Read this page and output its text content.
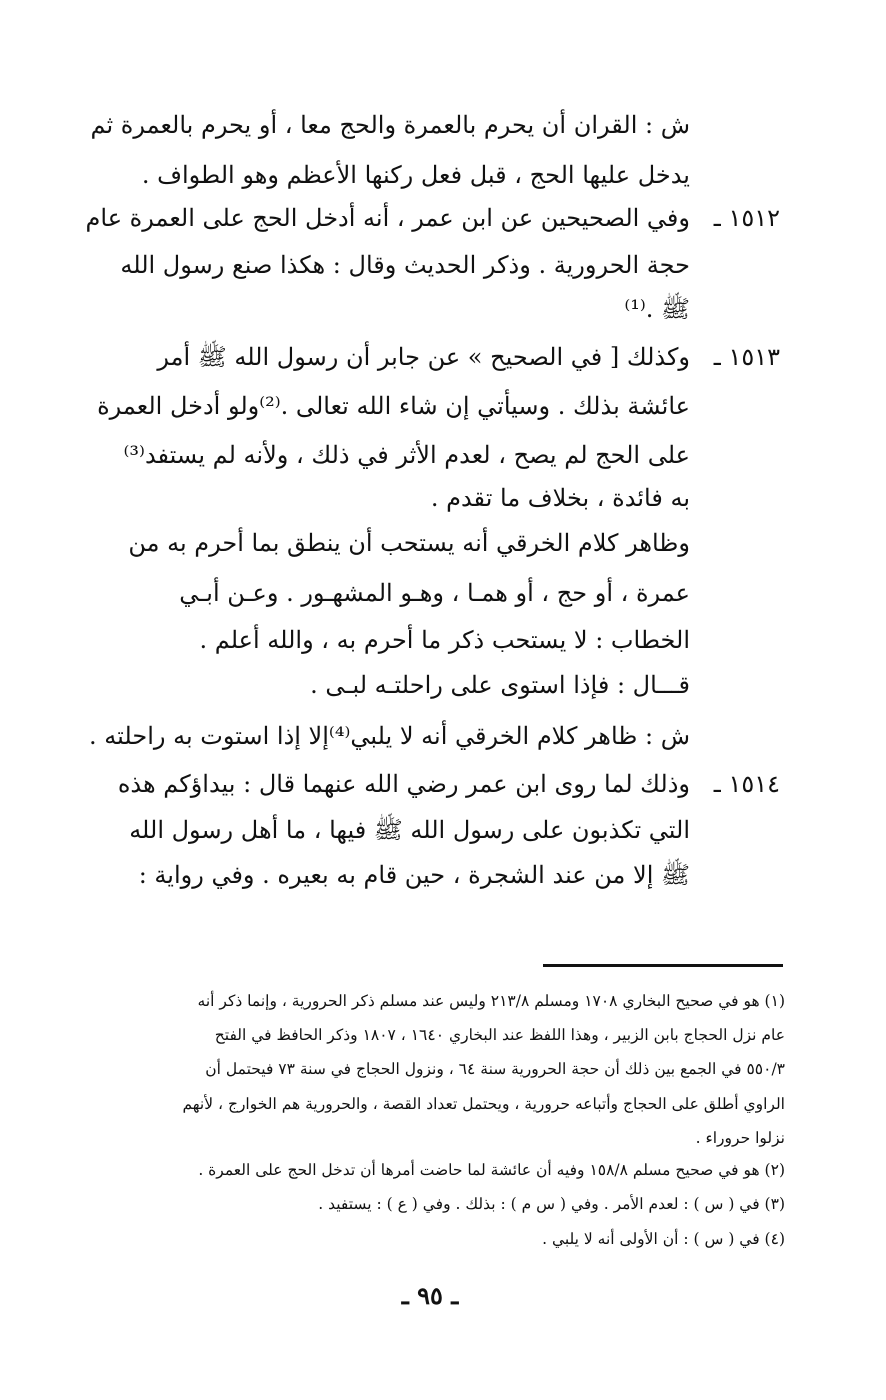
ش : القران أن يحرم بالعمرة والحج معا ، أو يحرم بالعمرة ثم
يدخل عليها الحج ، قبل فعل ركنها الأعظم وهو الطواف .
١٥١٢ ـ
وفي الصحيحين عن ابن عمر ، أنه أدخل الحج على العمرة عام
حجة الحرورية . وذكر الحديث وقال : هكذا صنع رسول الله
ﷺ .⁽¹⁾
١٥١٣ ـ
وكذلك [ في الصحيح » عن جابر أن رسول الله ﷺ أمر
عائشة بذلك . وسيأتي إن شاء الله تعالى .⁽²⁾ولو أدخل العمرة
على الحج لم يصح ، لعدم الأثر في ذلك ، ولأنه لم يستفد⁽³⁾
به فائدة ، بخلاف ما تقدم .
وظاهر كلام الخرقي أنه يستحب أن ينطق بما أحرم به من
عمرة ، أو حج ، أو همـا ، وهـو المشهـور . وعـن أبـي
الخطاب : لا يستحب ذكر ما أحرم به ، والله أعلم .
قـــال : فإذا استوى على راحلتـه لبـى .
ش : ظاهر كلام الخرقي أنه لا يلبي⁽⁴⁾إلا إذا استوت به راحلته .
١٥١٤ ـ
وذلك لما روى ابن عمر رضي الله عنهما قال : بيداؤكم هذه
التي تكذبون على رسول الله ﷺ فيها ، ما أهل رسول الله
ﷺ إلا من عند الشجرة ، حين قام به بعيره . وفي رواية :
(١) هو في صحيح البخاري ١٧٠٨ ومسلم ٢١٣/٨ وليس عند مسلم ذكر الحرورية ، وإنما ذكر أنه
عام نزل الحجاج بابن الزبير ، وهذا اللفظ عند البخاري ١٦٤٠ ، ١٨٠٧ وذكر الحافظ في الفتح
٥٥٠/٣ في الجمع بين ذلك أن حجة الحرورية سنة ٦٤ ، ونزول الحجاج في سنة ٧٣ فيحتمل أن
الراوي أطلق على الحجاج وأتباعه حرورية ، ويحتمل تعداد القصة ، والحرورية هم الخوارج ، لأنهم
نزلوا حروراء .
(٢) هو في صحيح مسلم ١٥٨/٨ وفيه أن عائشة لما حاضت أمرها أن تدخل الحج على العمرة .
(٣) في ( س ) : لعدم الأمر . وفي ( س م ) : بذلك . وفي ( ع ) : يستفيد .
(٤) في ( س ) : أن الأولى أنه لا يلبي .
ـ ٩٥ ـ
